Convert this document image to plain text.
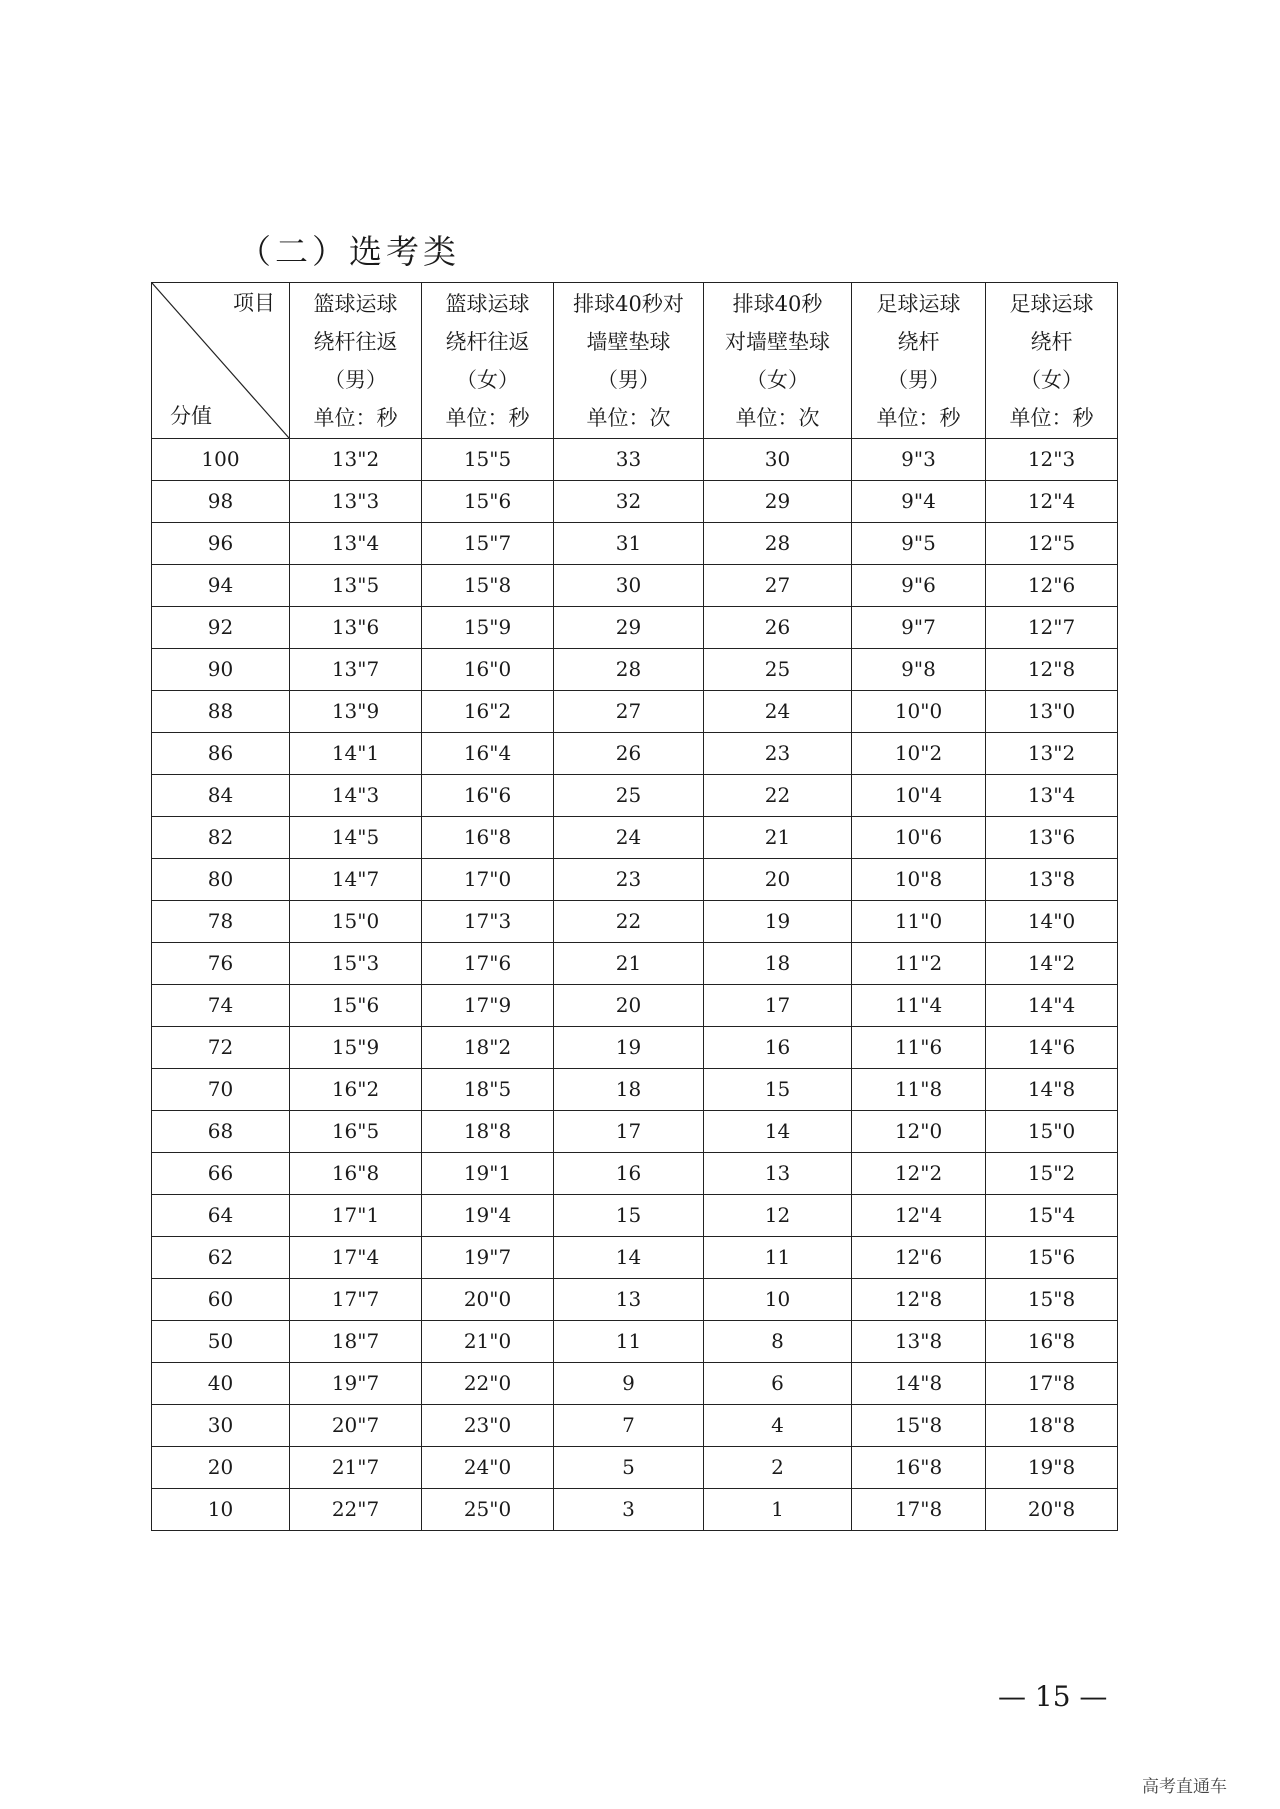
（二）选考类
项目
分值	篮球运球
绕杆往返
（男）
单位：秒	篮球运球
绕杆往返
（女）
单位：秒	排球40秒对
墙壁垫球
（男）
单位：次	排球40秒
对墙壁垫球
（女）
单位：次	足球运球
绕杆
（男）
单位：秒	足球运球
绕杆
（女）
单位：秒

100	13"2	15"5	33	30	9"3	12"3
98	13"3	15"6	32	29	9"4	12"4
96	13"4	15"7	31	28	9"5	12"5
94	13"5	15"8	30	27	9"6	12"6
92	13"6	15"9	29	26	9"7	12"7
90	13"7	16"0	28	25	9"8	12"8
88	13"9	16"2	27	24	10"0	13"0
86	14"1	16"4	26	23	10"2	13"2
84	14"3	16"6	25	22	10"4	13"4
82	14"5	16"8	24	21	10"6	13"6
80	14"7	17"0	23	20	10"8	13"8
78	15"0	17"3	22	19	11"0	14"0
76	15"3	17"6	21	18	11"2	14"2
74	15"6	17"9	20	17	11"4	14"4
72	15"9	18"2	19	16	11"6	14"6
70	16"2	18"5	18	15	11"8	14"8
68	16"5	18"8	17	14	12"0	15"0
66	16"8	19"1	16	13	12"2	15"2
64	17"1	19"4	15	12	12"4	15"4
62	17"4	19"7	14	11	12"6	15"6
60	17"7	20"0	13	10	12"8	15"8
50	18"7	21"0	11	8	13"8	16"8
40	19"7	22"0	9	6	14"8	17"8
30	20"7	23"0	7	4	15"8	18"8
20	21"7	24"0	5	2	16"8	19"8
10	22"7	25"0	3	1	17"8	20"8
— 15 —
高考直通车
